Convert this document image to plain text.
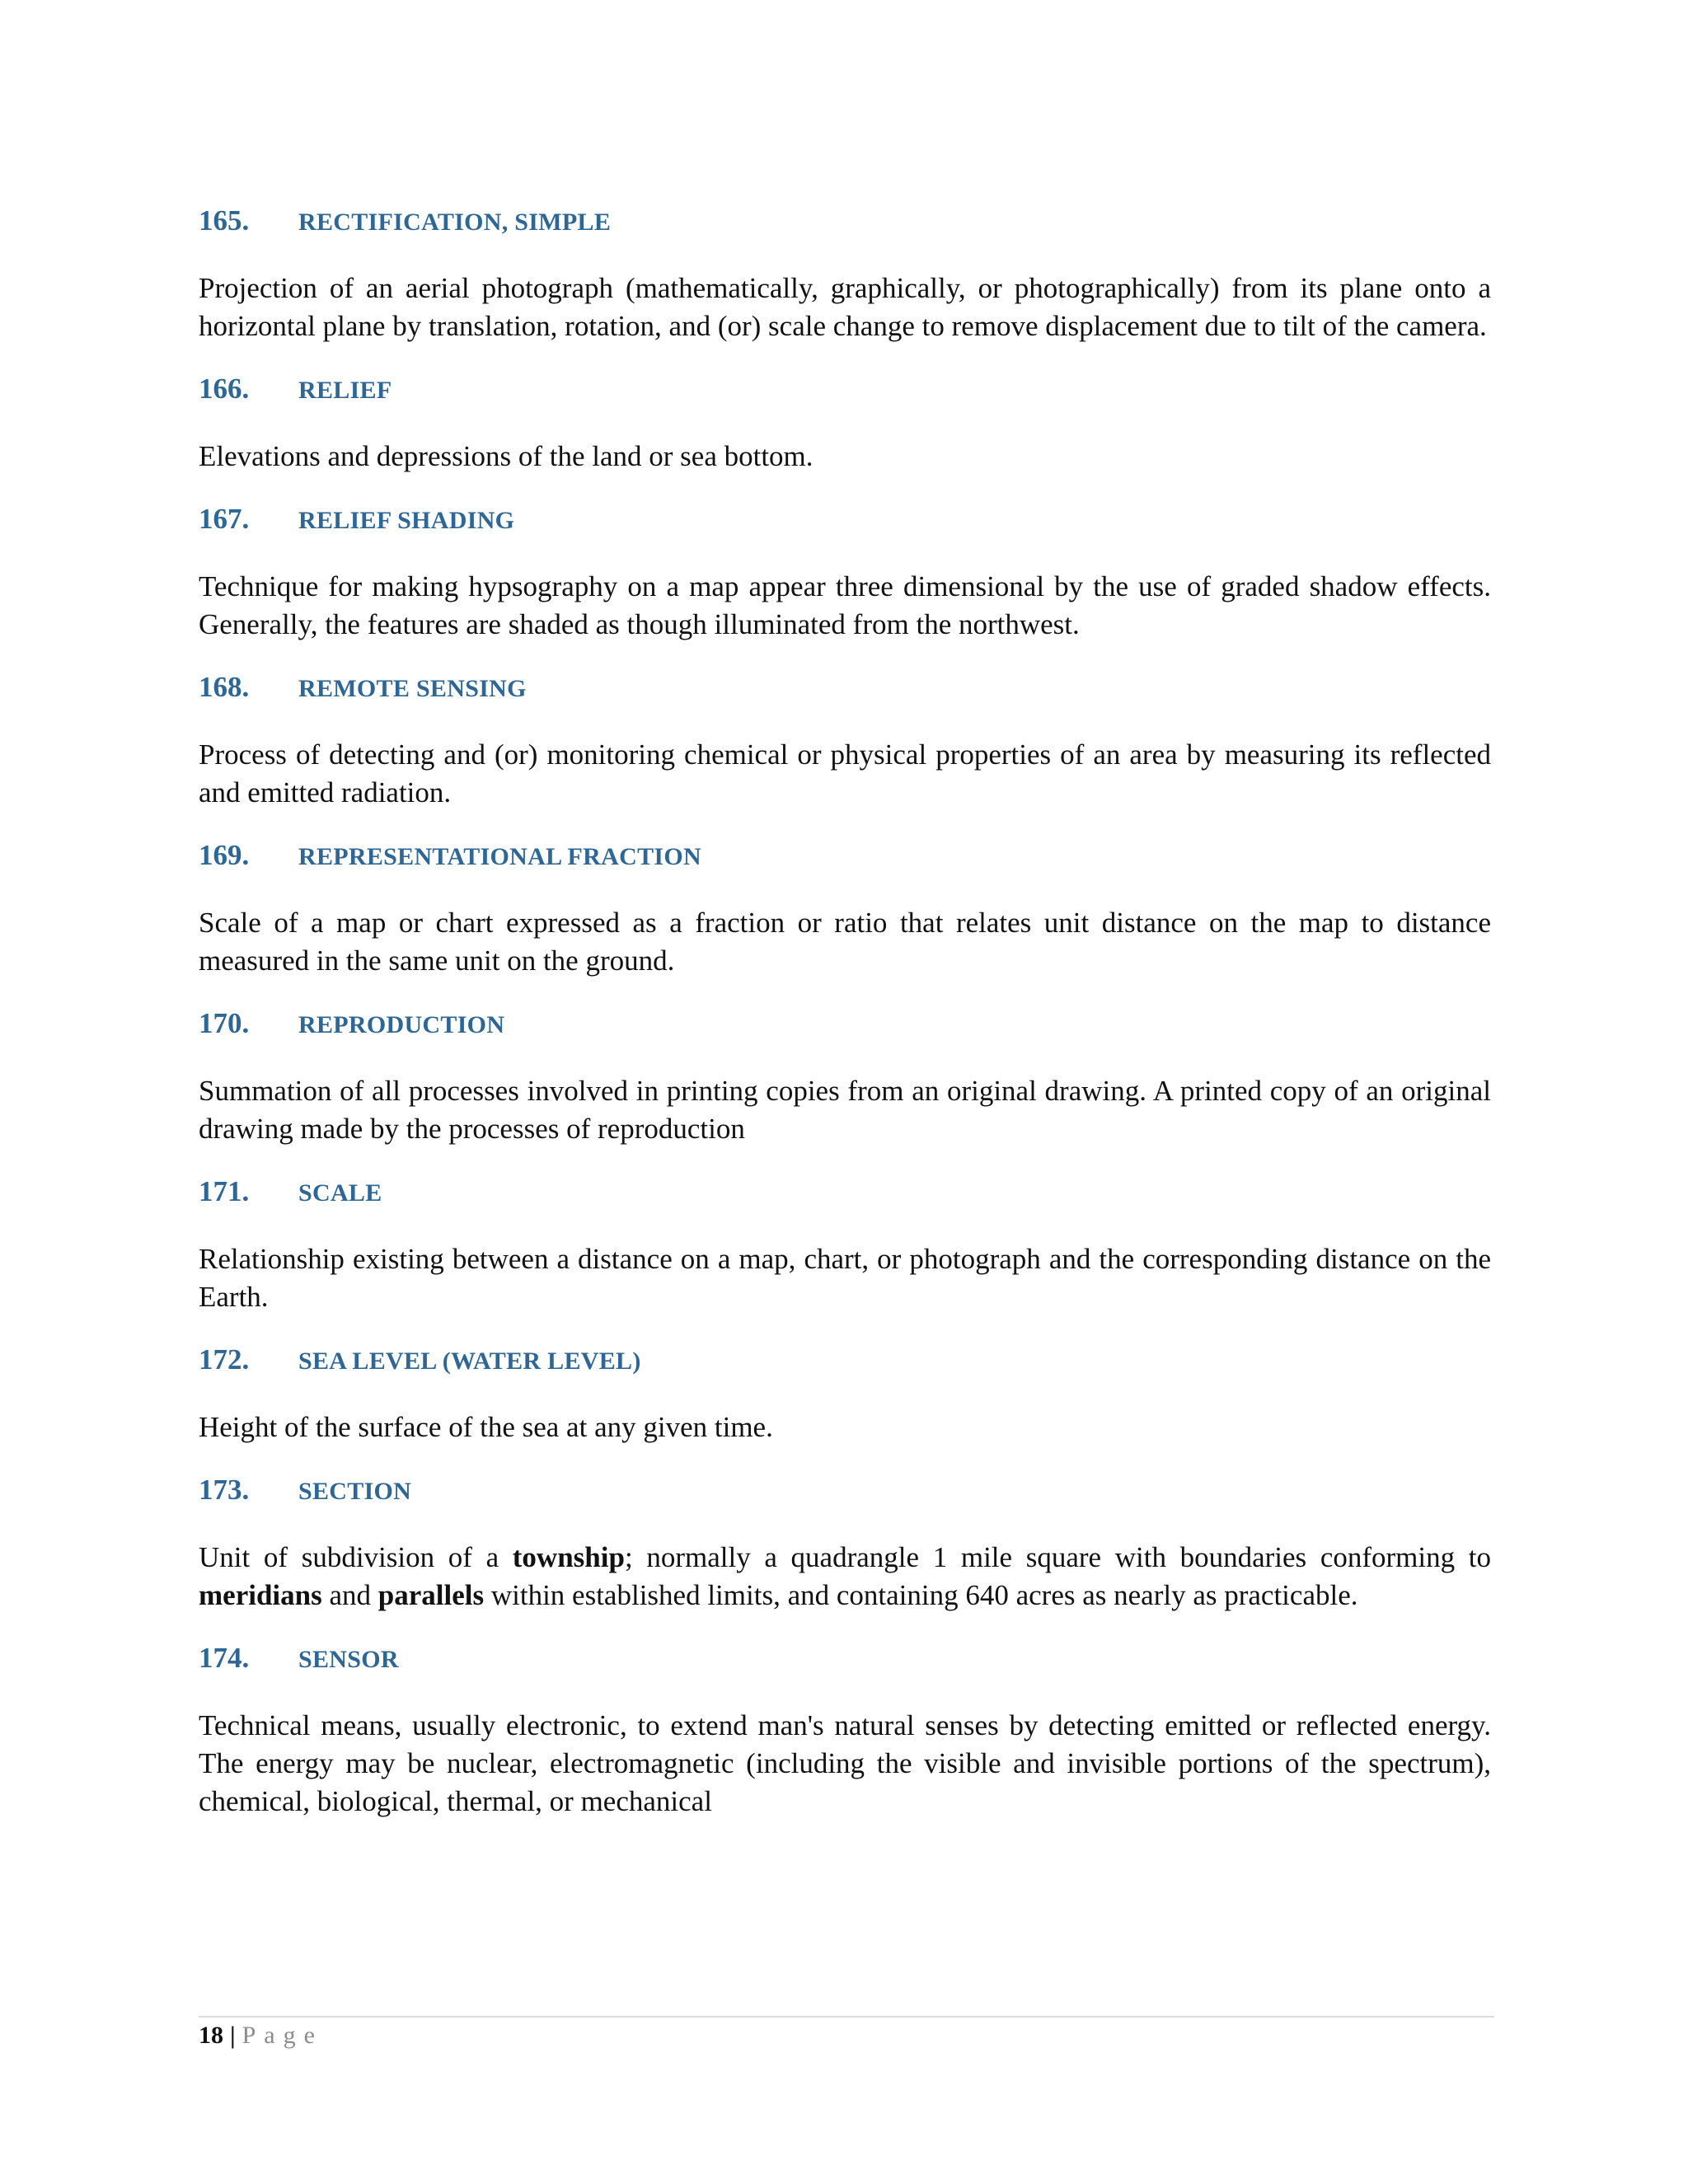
165.	RECTIFICATION, SIMPLE

Projection of an aerial photograph (mathematically, graphically, or photographically) from its plane onto a horizontal plane by translation, rotation, and (or) scale change to remove displacement due to tilt of the camera.

166.	RELIEF

Elevations and depressions of the land or sea bottom.

167.	RELIEF SHADING

Technique for making hypsography on a map appear three dimensional by the use of graded shadow effects. Generally, the features are shaded as though illuminated from the northwest.

168.	REMOTE SENSING

Process of detecting and (or) monitoring chemical or physical properties of an area by measuring its reflected and emitted radiation.

169.	REPRESENTATIONAL FRACTION

Scale of a map or chart expressed as a fraction or ratio that relates unit distance on the map to distance measured in the same unit on the ground.

170.	REPRODUCTION

Summation of all processes involved in printing copies from an original drawing. A printed copy of an original drawing made by the processes of reproduction

171.	SCALE

Relationship existing between a distance on a map, chart, or photograph and the corresponding distance on the Earth.

172.	SEA LEVEL (WATER LEVEL)

Height of the surface of the sea at any given time.

173.	SECTION

Unit of subdivision of a township; normally a quadrangle 1 mile square with boundaries conforming to meridians and parallels within established limits, and containing 640 acres as nearly as practicable.

174.	SENSOR

Technical means, usually electronic, to extend man's natural senses by detecting emitted or reflected energy. The energy may be nuclear, electromagnetic (including the visible and invisible portions of the spectrum), chemical, biological, thermal, or mechanical

18 | Page
